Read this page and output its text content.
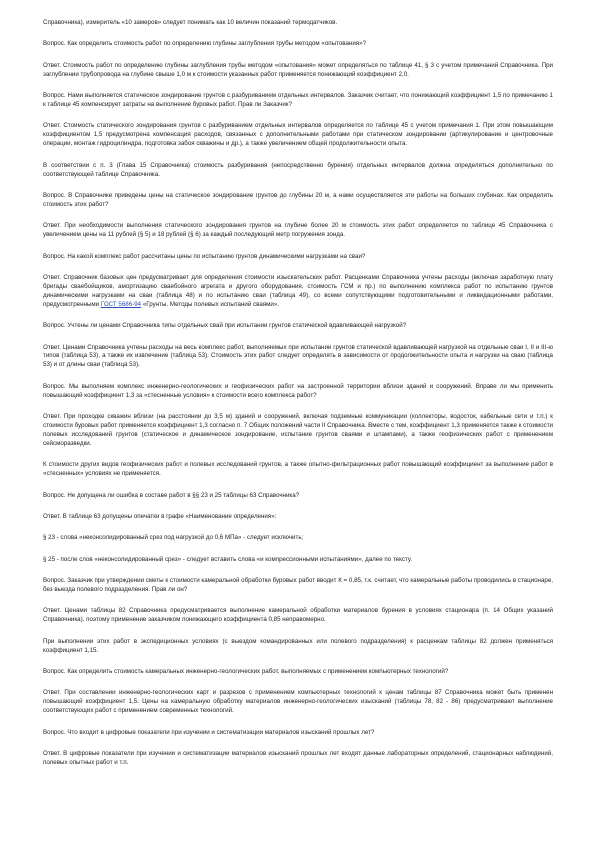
Справочника), измеритель «10 замеров» следует понимать как 10 величин показаний термодатчиков.

Вопрос. Как определить стоимость работ по определению глубины заглубления трубы методом «опытования»?

Ответ. Стоимость работ по определению глубины заглубления трубы методом «опытования» может определяться по таблице 41, § 3 с учетом примечаний Справочника. При заглублении трубопровода на глубине свыше 1,0 м к стоимости указанных работ применяется понижающий коэффициент 2,0.

Вопрос. Нами выполняется статическое зондирование грунтов с разбуриванием отдельных интервалов. Заказчик считает, что понижающий коэффициент 1,5 по примечанию 1 к таблице 45 компенсирует затраты на выполнение буровых работ. Прав ли Заказчик?

Ответ. Стоимость статического зондирования грунтов с разбуриванием отдельных интервалов определяется по таблице 45 с учетом примечания 1. При этом повышающим коэффициентом 1,5 предусмотрена компенсация расходов, связанных с дополнительными работами при статическом зондировании (артикулирование и центровочные операции, монтаж гидроцилиндра, подготовка забоя скважины и др.), а также увеличением общей продолжительности опыта.

В соответствии с п. 3 (Глава 15 Справочника) стоимость разбуривания (непосредственно бурения) отдельных интервалов должна определяться дополнительно по соответствующей таблице Справочника.

Вопрос. В Справочнике приведены цены на статическое зондирование грунтов до глубины 20 м, а нами осуществляется эти работы на больших глубинах. Как определить стоимость этих работ?

Ответ. При необходимости выполнения статического зондирования грунтов на глубине более 20 м стоимость этих работ определяется по таблице 45 Справочника с увеличением цены на 11 рублей (§ 5) и 18 рублей (§ 6) за каждый последующий метр погружения зонда.

Вопрос. На какой комплекс работ рассчитаны цены по испытанию грунтов динамическими нагрузками на сваи?

Ответ. Справочник базовых цен предусматривает для определения стоимости изыскательских работ. Расценками Справочника учтены расходы (включая заработную плату бригады сваебойщиков, амортизацию сваебойного агрегата и другого оборудования, стоимость ГСМ и пр.) по выполнению комплекса работ по испытанию грунтов динамическими нагрузками на сваи (таблица 48) и по испытанию сваи (таблица 49), со всеми сопутствующими подготовительными и ликвидационными работами, предусмотренными ГОСТ 5686-94 «Грунты. Методы полевых испытаний сваями».

Вопрос. Учтены ли ценами Справочника типы отдельных свай при испытании грунтов статической вдавливающей нагрузкой?

Ответ. Ценами Справочника учтены расходы на весь комплекс работ, выполняемых при испытании грунтов статической вдавливающей нагрузкой на отдельные сваи I, II и III-ю типов (таблица 53), а также их извлечение (таблица 53). Стоимость этих работ следует определять в зависимости от продолжительности опыта и нагрузки на сваю (таблица 53) и от длины сваи (таблица 53).

Вопрос. Мы выполняем комплекс инженерно-геологических и геофизических работ на застроенной территории вблизи зданий и сооружений. Вправе ли мы применить повышающий коэффициент 1,3 за «стесненные условия» к стоимости всего комплекса работ?

Ответ. При проходке скважин вблизи (на расстоянии до 3,5 м) зданий и сооружений, включая подземные коммуникации (коллекторы, водосток, кабельные сети и т.п.) к стоимости буровых работ применяется коэффициент 1,3 согласно п. 7 Общих положений части II Справочника. Вместе с тем, коэффициент 1,3 применяется также к стоимости полевых исследований грунтов (статическое и динамическое зондирование, испытание грунтов сваями и штампами), а также геофизических работ с применением сейсморазведки.

К стоимости других видов геофизических работ и полевых исследований грунтов, а также опытно-фильтрационных работ повышающий коэффициент за выполнение работ в «стесненных» условиях не применяется.

Вопрос. Не допущена ли ошибка в составе работ в §§ 23 и 25 таблицы 63 Справочника?

Ответ. В таблице 63 допущены опечатки в графе «Наименование определения»:

§ 23 - слова «неконсолидированный срез под нагрузкой до 0,6 МПа» - следует исключить;

§ 25 - после слов «неконсолидированный срез» - следует вставить слова «и компрессионными испытаниями», далее по тексту.

Вопрос. Заказчик при утверждении сметы к стоимости камеральной обработки буровых работ вводит К = 0,85, т.к. считает, что камеральные работы проводились в стационаре, без выезда полевого подразделения. Прав ли он?

Ответ. Ценами таблицы 82 Справочника предусматривается выполнение камеральной обработки материалов бурения в условиях стационара (п. 14 Общих указаний Справочника), поэтому применение заказчиком понижающего коэффициента 0,85 неправомерно.

При выполнении этих работ в экспедиционных условиях (с выездом командированных или полевого подразделения) к расценкам таблицы 82 должен применяться коэффициент 1,15.

Вопрос. Как определить стоимость камеральных инженерно-геологических работ, выполняемых с применением компьютерных технологий?

Ответ. При составлении инженерно-геологических карт и разрезов с применением компьютерных технологий к ценам таблицы 87 Справочника может быть применен повышающий коэффициент 1,5. Цены на камеральную обработку материалов инженерно-геологических изысканий (таблицы 78, 82 - 86) предусматривают выполнение соответствующих работ с применением современных технологий.

Вопрос. Что входит в цифровые показатели при изучении и систематизации материалов изысканий прошлых лет?

Ответ. В цифровые показатели при изучении и систематизации материалов изысканий прошлых лет входят данные лабораторных определений, стационарных наблюдений, полевых опытных работ и т.п.
